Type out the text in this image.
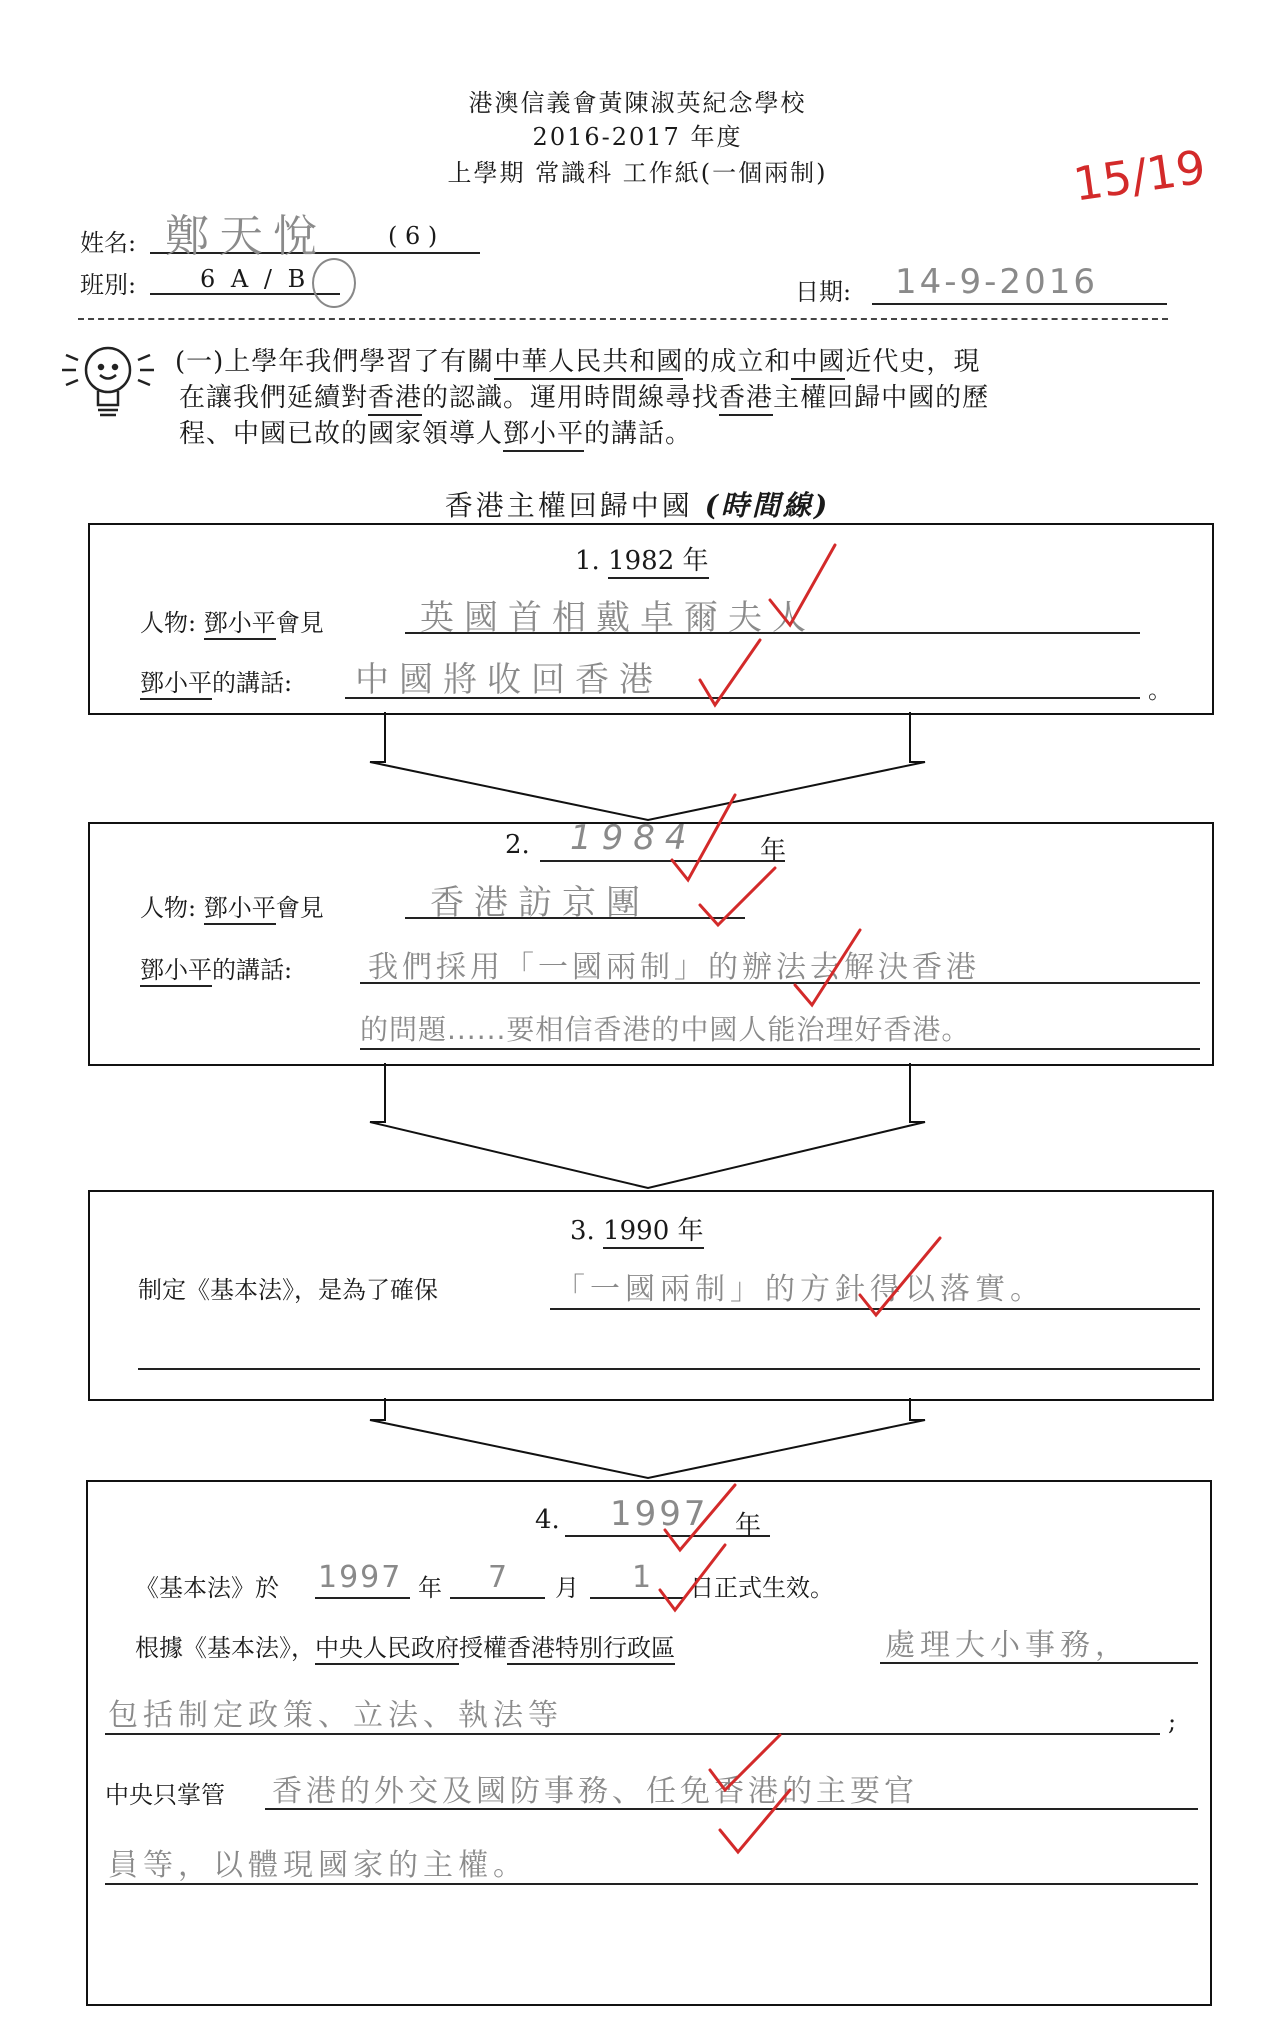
港澳信義會黃陳淑英紀念學校
2016-2017 年度
上學期 常識科 工作紙(一個兩制)	15/19
姓名: 鄭天悅	( 6 )
班別:	6 A / B	日期: 14-9-2016
(一)上學年我們學習了有關中華人民共和國的成立和中國近代史，現
在讓我們延續對香港的認識。運用時間線尋找香港主權回歸中國的歷
程、中國已故的國家領導人鄧小平的講話。
香港主權回歸中國 (時間線)
1. 1982 年
人物: 鄧小平會見	英國首相戴卓爾夫人
鄧小平的講話: 中國將收回香港	。
2. 1984 年
人物: 鄧小平會見	香港訪京團
鄧小平的講話:	我們採用「一國兩制」的辦法去解決香港
的問題......要相信香港的中國人能治理好香港。
3. 1990 年
制定《基本法》，是為了確保	「一國兩制」的方針得以落實。
4. 1997 年
《基本法》於 1997 年 7 月 1 日正式生效。
根據《基本法》，中央人民政府授權香港特別行政區	處理大小事務，
包括制定政策、立法、執法等	;
中央只掌管 香港的外交及國防事務、任免香港的主要官
員等，以體現國家的主權。
